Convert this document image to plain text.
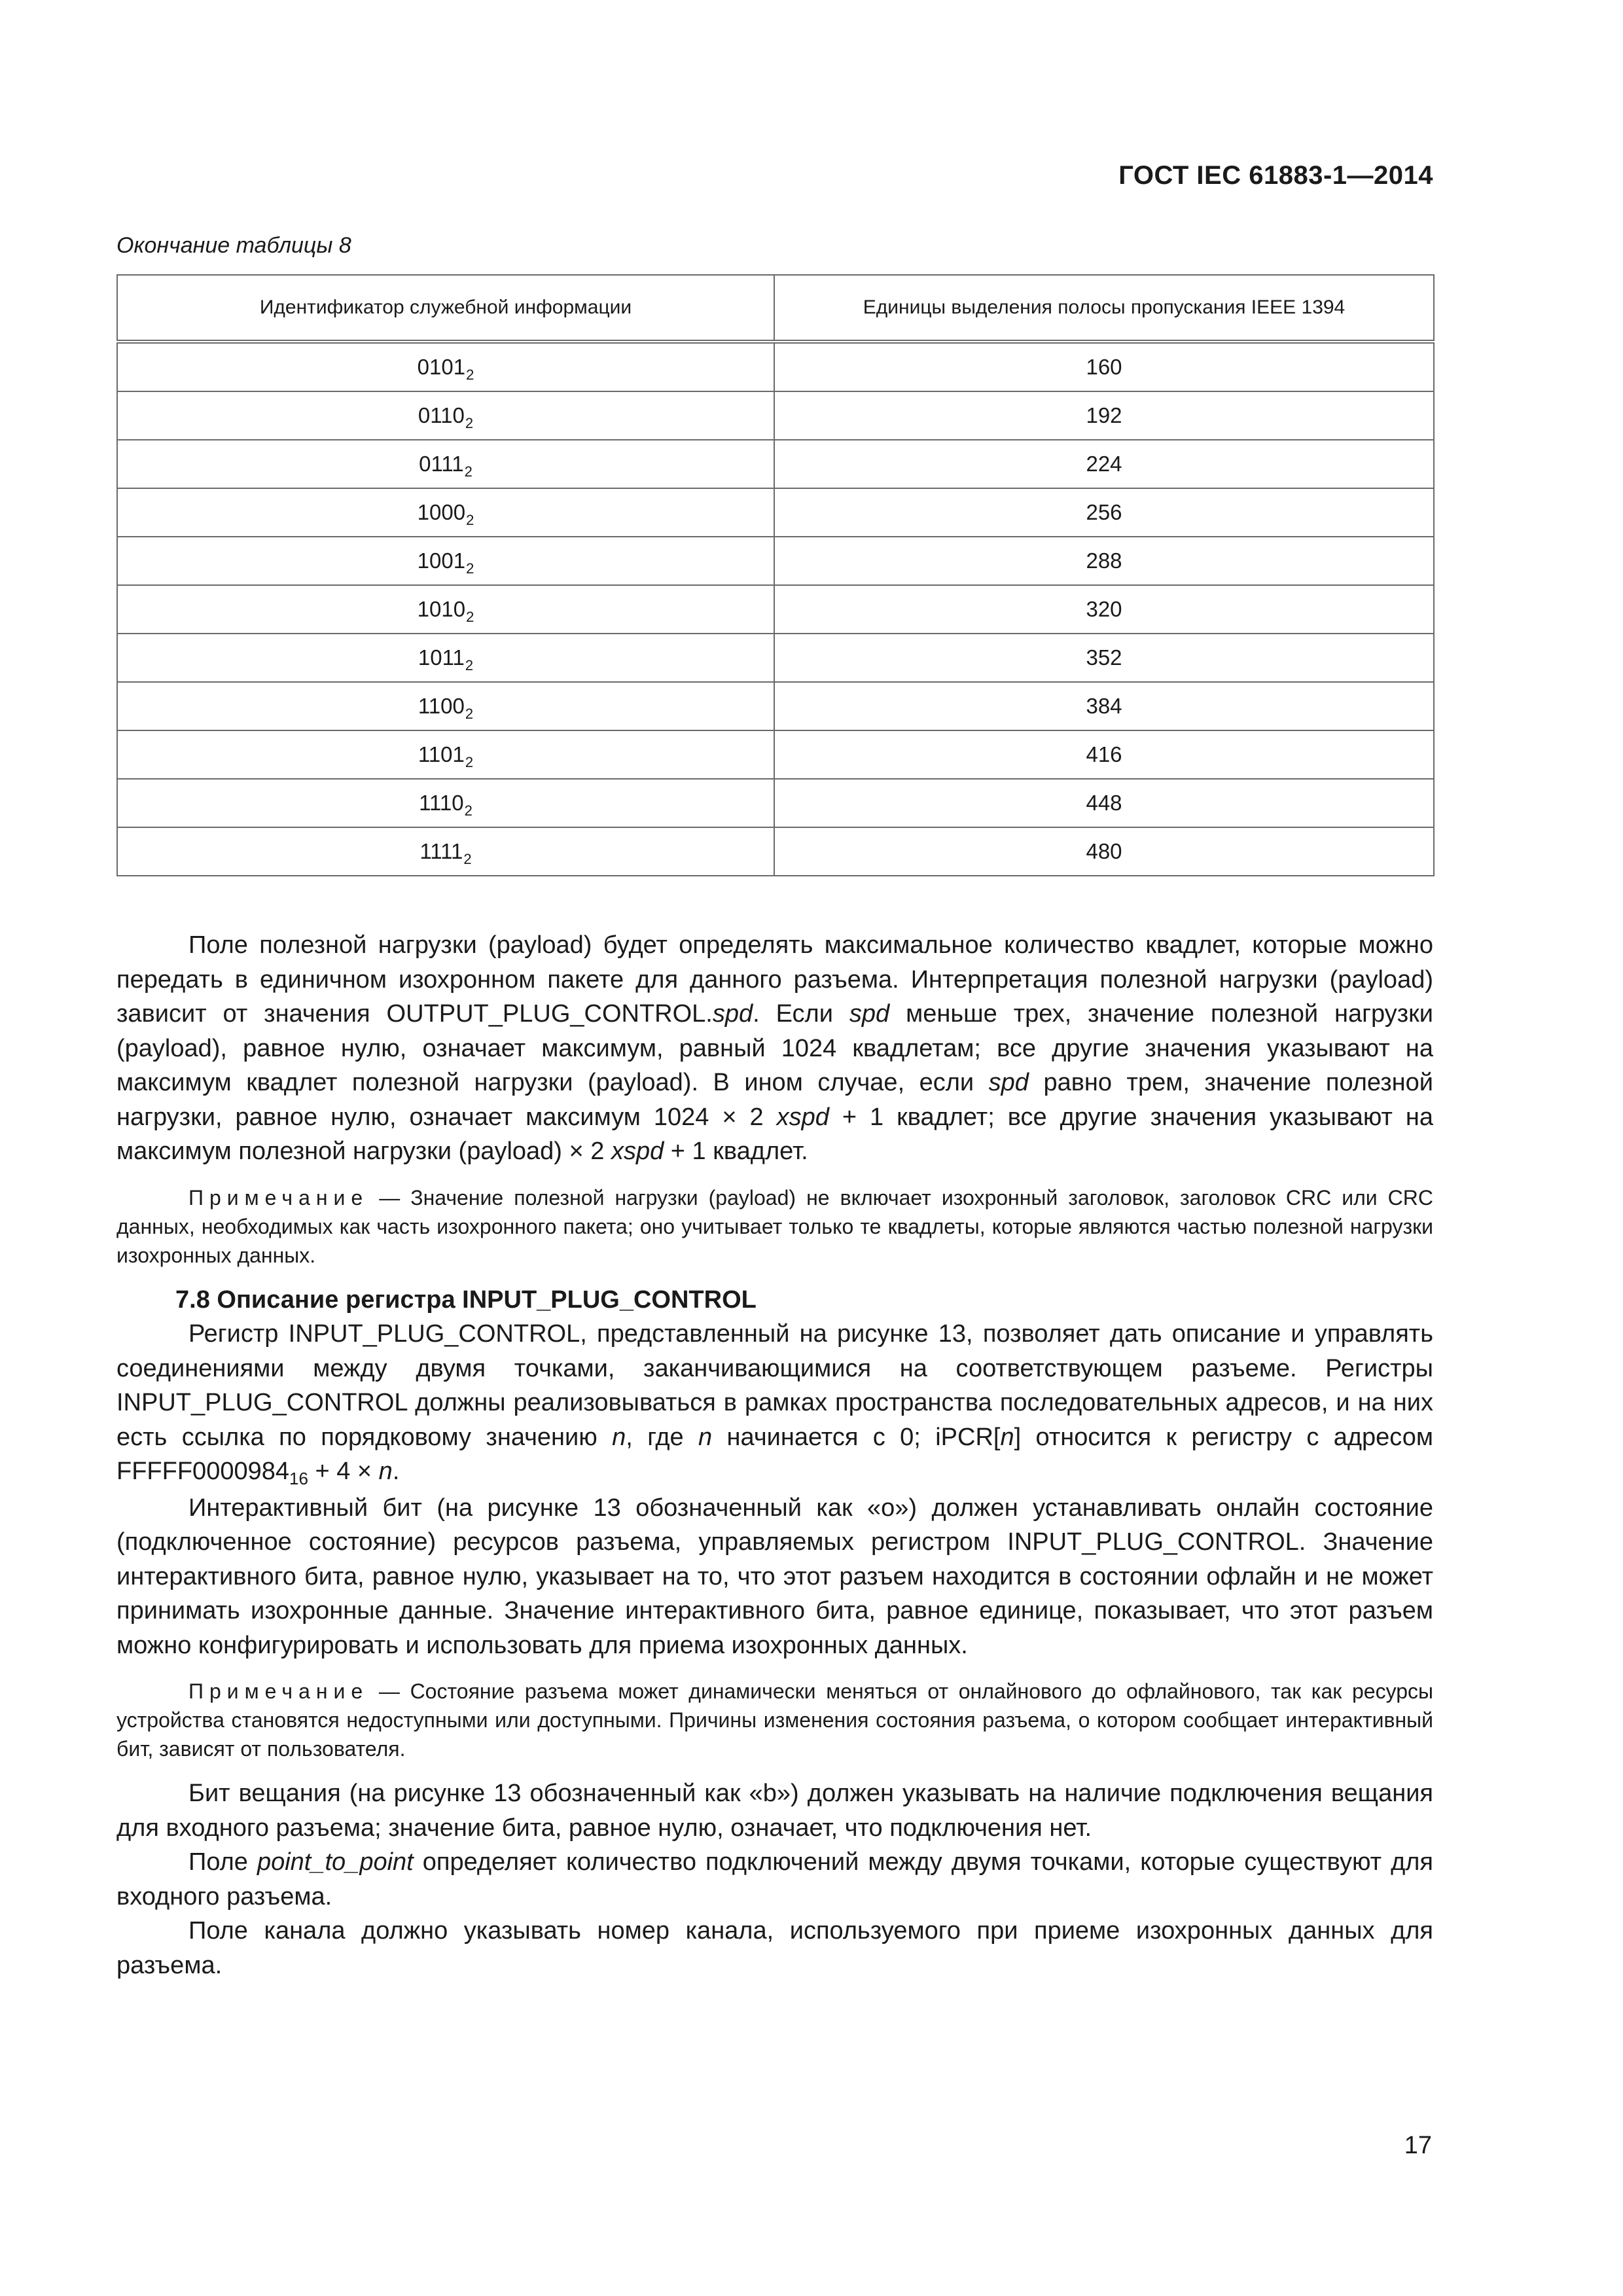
ГОСТ IEC 61883-1—2014
Окончание таблицы 8
Идентификатор служебной информации	Единицы выделения полосы пропускания IEEE 1394
$0101_2$	160
$0110_2$	192
$0111_2$	224
$1000_2$	256
$1001_2$	288
$1010_2$	320
$1011_2$	352
$1100_2$	384
$1101_2$	416
$1110_2$	448
$1111_2$	480

Поле полезной нагрузки (payload) будет определять максимальное количество квадлет, которые можно передать в единичном изохронном пакете для данного разъема. Интерпретация полезной нагрузки (payload) зависит от значения OUTPUT_PLUG_CONTROL.spd. Если spd меньше трех, значение полезной нагрузки (payload), равное нулю, означает максимум, равный 1024 квадлетам; все другие значения указывают на максимум квадлет полезной нагрузки (payload). В ином случае, если spd равно трем, значение полезной нагрузки, равное нулю, означает максимум 1024 × 2 xspd + 1 квадлет; все другие значения указывают на максимум полезной нагрузки (payload) × 2 xspd + 1 квадлет.

Примечание — Значение полезной нагрузки (payload) не включает изохронный заголовок, заголовок CRC или CRC данных, необходимых как часть изохронного пакета; оно учитывает только те квадлеты, которые являются частью полезной нагрузки изохронных данных.

7.8 Описание регистра INPUT_PLUG_CONTROL

Регистр INPUT_PLUG_CONTROL, представленный на рисунке 13, позволяет дать описание и управлять соединениями между двумя точками, заканчивающимися на соответствующем разъеме. Регистры INPUT_PLUG_CONTROL должны реализовываться в рамках пространства последовательных адресов, и на них есть ссылка по порядковому значению n, где n начинается с 0; iPCR[n] относится к регистру с адресом $FFFFF0000984_{16} + 4 \times n$.

Интерактивный бит (на рисунке 13 обозначенный как «o») должен устанавливать онлайн состояние (подключенное состояние) ресурсов разъема, управляемых регистром INPUT_PLUG_CONTROL. Значение интерактивного бита, равное нулю, указывает на то, что этот разъем находится в состоянии офлайн и не может принимать изохронные данные. Значение интерактивного бита, равное единице, показывает, что этот разъем можно конфигурировать и использовать для приема изохронных данных.

Примечание — Состояние разъема может динамически меняться от онлайнового до офлайнового, так как ресурсы устройства становятся недоступными или доступными. Причины изменения состояния разъема, о котором сообщает интерактивный бит, зависят от пользователя.

Бит вещания (на рисунке 13 обозначенный как «b») должен указывать на наличие подключения вещания для входного разъема; значение бита, равное нулю, означает, что подключения нет.

Поле point_to_point определяет количество подключений между двумя точками, которые существуют для входного разъема.

Поле канала должно указывать номер канала, используемого при приеме изохронных данных для разъема.

17
